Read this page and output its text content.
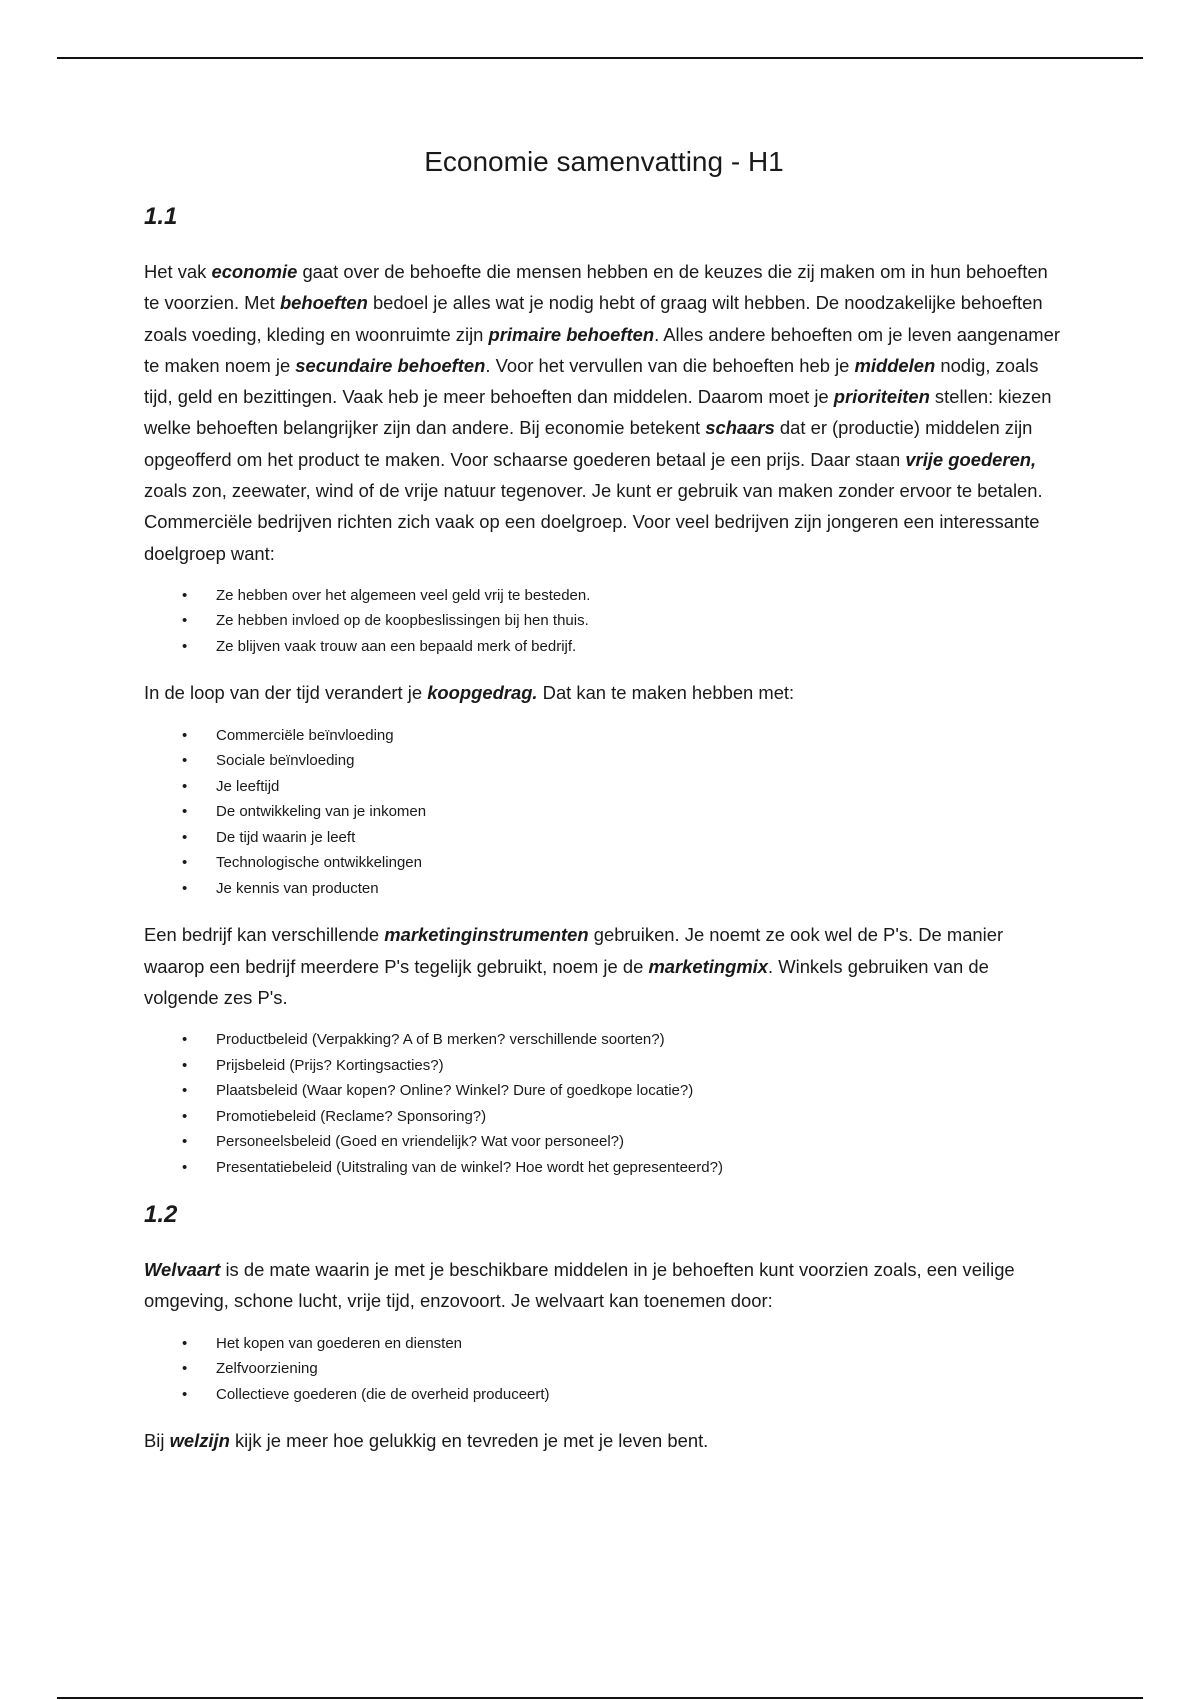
Economie samenvatting - H1
1.1

Het vak economie gaat over de behoefte die mensen hebben en de keuzes die zij maken om in hun behoeften te voorzien. Met behoeften bedoel je alles wat je nodig hebt of graag wilt hebben. De noodzakelijke behoeften zoals voeding, kleding en woonruimte zijn primaire behoeften. Alles andere behoeften om je leven aangenamer te maken noem je secundaire behoeften. Voor het vervullen van die behoeften heb je middelen nodig, zoals tijd, geld en bezittingen. Vaak heb je meer behoeften dan middelen. Daarom moet je prioriteiten stellen: kiezen welke behoeften belangrijker zijn dan andere. Bij economie betekent schaars dat er (productie) middelen zijn opgeofferd om het product te maken. Voor schaarse goederen betaal je een prijs. Daar staan vrije goederen, zoals zon, zeewater, wind of de vrije natuur tegenover. Je kunt er gebruik van maken zonder ervoor te betalen. Commerciële bedrijven richten zich vaak op een doelgroep. Voor veel bedrijven zijn jongeren een interessante doelgroep want:

• Ze hebben over het algemeen veel geld vrij te besteden.
• Ze hebben invloed op de koopbeslissingen bij hen thuis.
• Ze blijven vaak trouw aan een bepaald merk of bedrijf.

In de loop van der tijd verandert je koopgedrag. Dat kan te maken hebben met:

• Commerciële beïnvloeding
• Sociale beïnvloeding
• Je leeftijd
• De ontwikkeling van je inkomen
• De tijd waarin je leeft
• Technologische ontwikkelingen
• Je kennis van producten

Een bedrijf kan verschillende marketinginstrumenten gebruiken. Je noemt ze ook wel de P's. De manier waarop een bedrijf meerdere P's tegelijk gebruikt, noem je de marketingmix. Winkels gebruiken van de volgende zes P's.

• Productbeleid (Verpakking? A of B merken? verschillende soorten?)
• Prijsbeleid (Prijs? Kortingsacties?)
• Plaatsbeleid (Waar kopen? Online? Winkel? Dure of goedkope locatie?)
• Promotiebeleid (Reclame? Sponsoring?)
• Personeelsbeleid (Goed en vriendelijk? Wat voor personeel?)
• Presentatiebeleid (Uitstraling van de winkel? Hoe wordt het gepresenteerd?)
1.2

Welvaart is de mate waarin je met je beschikbare middelen in je behoeften kunt voorzien zoals, een veilige omgeving, schone lucht, vrije tijd, enzovoort. Je welvaart kan toenemen door:

• Het kopen van goederen en diensten
• Zelfvoorziening
• Collectieve goederen (die de overheid produceert)

Bij welzijn kijk je meer hoe gelukkig en tevreden je met je leven bent.
